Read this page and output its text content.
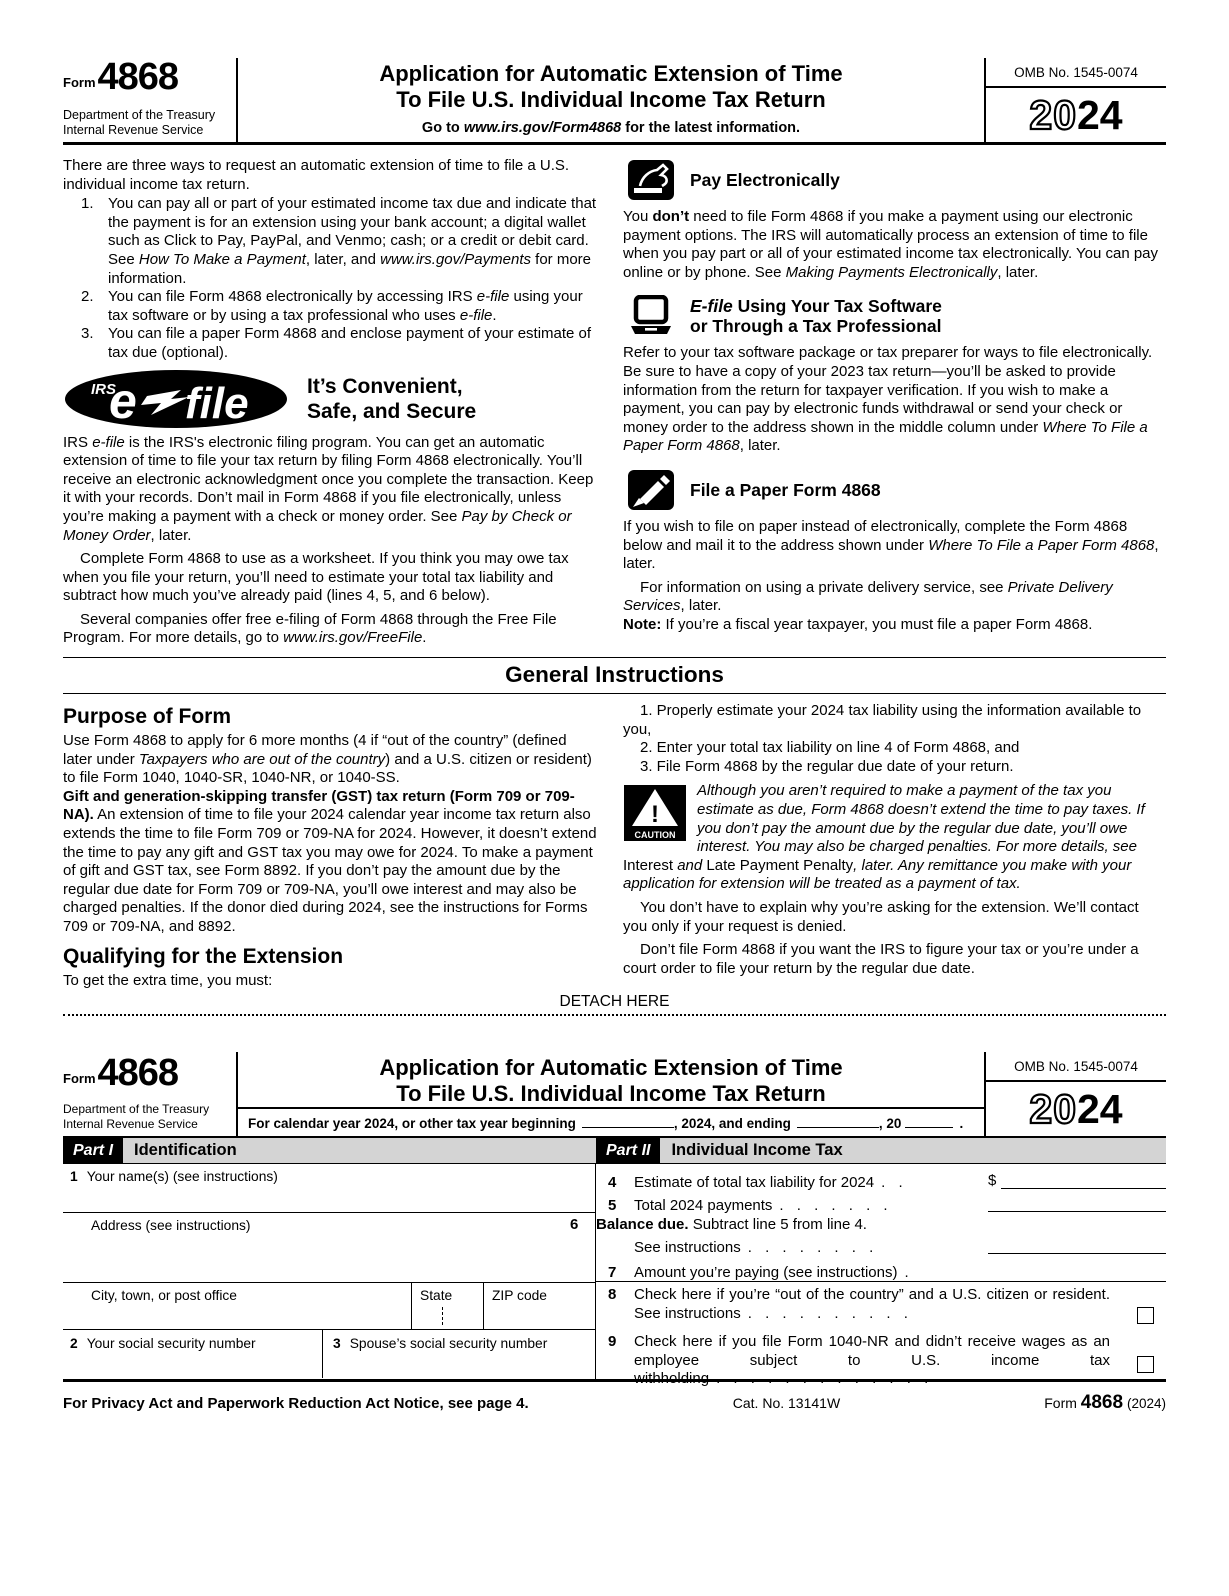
Form 4868
Department of the Treasury
Internal Revenue Service
Application for Automatic Extension of Time
To File U.S. Individual Income Tax Return
Go to www.irs.gov/Form4868 for the latest information.
OMB No. 1545-0074
2024

There are three ways to request an automatic extension of time to file a U.S. individual income tax return.

1. You can pay all or part of your estimated income tax due and indicate that the payment is for an extension using your bank account; a digital wallet such as Click to Pay, PayPal, and Venmo; cash; or a credit or debit card. See How To Make a Payment, later, and www.irs.gov/Payments for more information.
2. You can file Form 4868 electronically by accessing IRS e-file using your tax software or by using a tax professional who uses e-file.
3. You can file a paper Form 4868 and enclose payment of your estimate of tax due (optional).
IRS
e file	It’s Convenient,
Safe, and Secure

IRS e-file is the IRS's electronic filing program. You can get an automatic extension of time to file your tax return by filing Form 4868 electronically. You’ll receive an electronic acknowledgment once you complete the transaction. Keep it with your records. Don’t mail in Form 4868 if you file electronically, unless you’re making a payment with a check or money order. See Pay by Check or Money Order, later.

Complete Form 4868 to use as a worksheet. If you think you may owe tax when you file your return, you’ll need to estimate your total tax liability and subtract how much you’ve already paid (lines 4, 5, and 6 below).

Several companies offer free e-filing of Form 4868 through the Free File Program. For more details, go to www.irs.gov/FreeFile.

Pay Electronically

You don’t need to file Form 4868 if you make a payment using our electronic payment options. The IRS will automatically process an extension of time to file when you pay part or all of your estimated income tax electronically. You can pay online or by phone. See Making Payments Electronically, later.

E-file Using Your Tax Software
or Through a Tax Professional

Refer to your tax software package or tax preparer for ways to file electronically. Be sure to have a copy of your 2023 tax return—you’ll be asked to provide information from the return for taxpayer verification. If you wish to make a payment, you can pay by electronic funds withdrawal or send your check or money order to the address shown in the middle column under Where To File a Paper Form 4868, later.

File a Paper Form 4868

If you wish to file on paper instead of electronically, complete the Form 4868 below and mail it to the address shown under Where To File a Paper Form 4868, later.

For information on using a private delivery service, see Private Delivery Services, later.

Note: If you’re a fiscal year taxpayer, you must file a paper Form 4868.

General Instructions
Purpose of Form

Use Form 4868 to apply for 6 more months (4 if “out of the country” (defined later under Taxpayers who are out of the country) and a U.S. citizen or resident) to file Form 1040, 1040-SR, 1040-NR, or 1040-SS.

Gift and generation-skipping transfer (GST) tax return (Form 709 or 709-NA). An extension of time to file your 2024 calendar year income tax return also extends the time to file Form 709 or 709-NA for 2024. However, it doesn’t extend the time to pay any gift and GST tax you may owe for 2024. To make a payment of gift and GST tax, see Form 8892. If you don’t pay the amount due by the regular due date for Form 709 or 709-NA, you’ll owe interest and may also be charged penalties. If the donor died during 2024, see the instructions for Forms 709 or 709-NA, and 8892.

Qualifying for the Extension

To get the extra time, you must:

1. Properly estimate your 2024 tax liability using the information available to you,

2. Enter your total tax liability on line 4 of Form 4868, and

3. File Form 4868 by the regular due date of your return.

!
CAUTION

Although you aren’t required to make a payment of the tax you estimate as due, Form 4868 doesn’t extend the time to pay taxes. If you don’t pay the amount due by the regular due date, you’ll owe interest. You may also be charged penalties. For more details, see Interest and Late Payment Penalty, later. Any remittance you make with your application for extension will be treated as a payment of tax.

You don’t have to explain why you’re asking for the extension. We’ll contact you only if your request is denied.

Don’t file Form 4868 if you want the IRS to figure your tax or you’re under a court order to file your return by the regular due date.

DETACH HERE
Form 4868
Department of the Treasury
Internal Revenue Service
Application for Automatic Extension of Time
To File U.S. Individual Income Tax Return
For calendar year 2024, or other tax year beginning	, 2024, and ending	, 20	.
OMB No. 1545-0074
2024
Part I	Identification	Part II	Individual Income Tax
1 Your name(s) (see instructions)
Address (see instructions)
City, town, or post office	State	ZIP code
2 Your social security number	3 Spouse’s social security number
4	Estimate of total tax liability for 2024 . .	$
5	Total 2024 payments . . . . . . .
6	Balance due. Subtract line 5 from line 4.
See instructions . . . . . . . .
7	Amount you’re paying (see instructions) .
8	Check here if you’re “out of the country” and a U.S. citizen or resident. See instructions . . . . . . . . . .
9	Check here if you file Form 1040-NR and didn’t receive wages as an employee subject to U.S. income tax withholding . . . . . . . . . . . . .
For Privacy Act and Paperwork Reduction Act Notice, see page 4.	Cat. No. 13141W	Form 4868 (2024)
